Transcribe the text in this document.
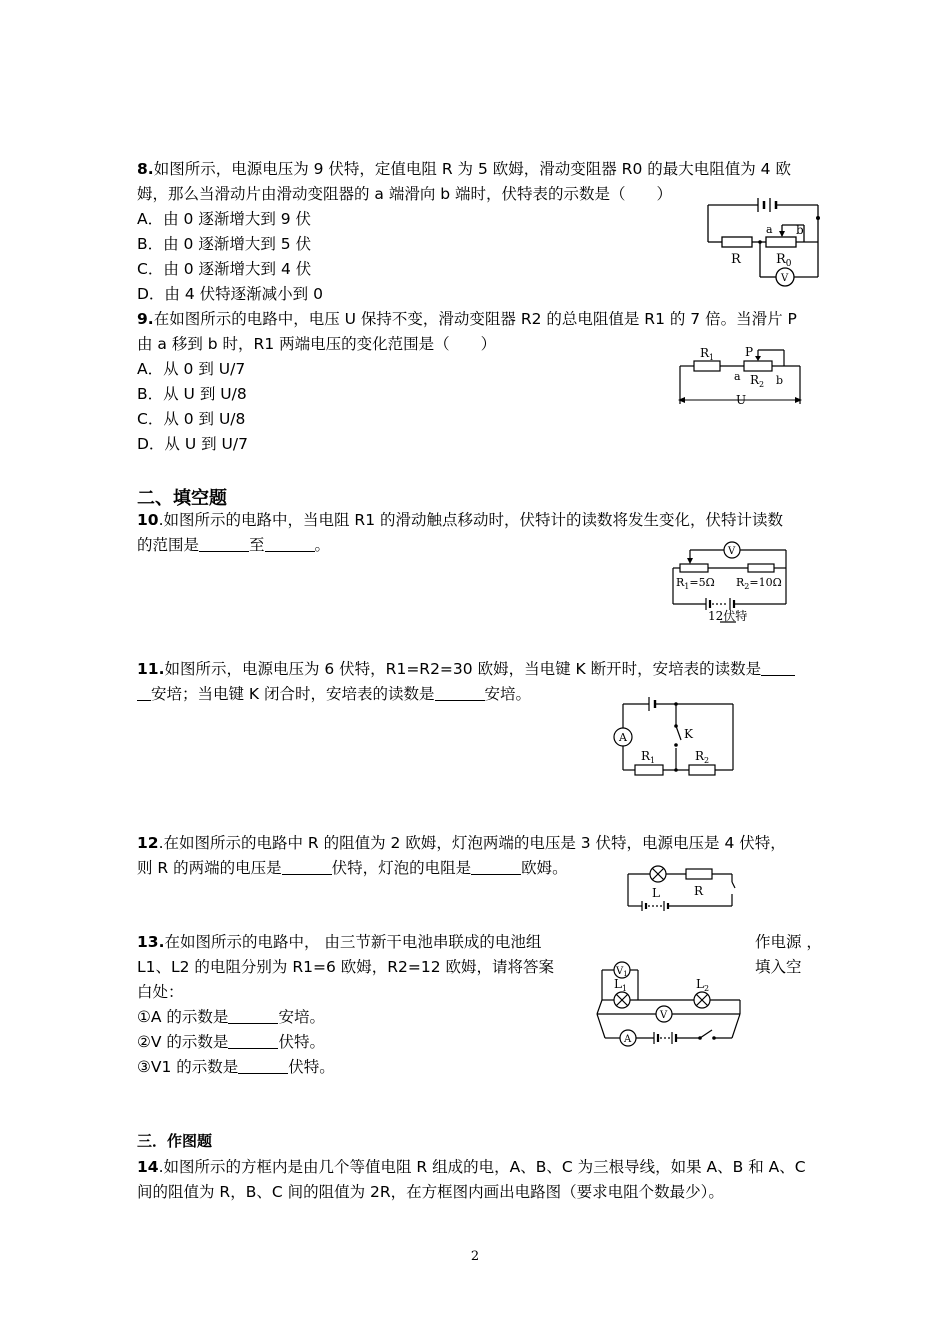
8.如图所示，电源电压为 9 伏特，定值电阻 R 为 5 欧姆，滑动变阻器 R0 的最大电阻值为 4 欧
姆，那么当滑动片由滑动变阻器的 a 端滑向 b 端时，伏特表的示数是（　　）
A．由 0 逐渐增大到 9 伏
B．由 0 逐渐增大到 5 伏
C．由 0 逐渐增大到 4 伏
D．由 4 伏特逐渐减小到 0
a b
R	$R_0$
V
9.在如图所示的电路中，电压 U 保持不变，滑动变阻器 R2 的总电阻值是 R1 的 7 倍。当滑片 P
由 a 移到 b 时，R1 两端电压的变化范围是（　　）
A．从 0 到 U/7
B．从 U 到 U/8
C．从 0 到 U/8
D．从 U 到 U/7
$R_1$	P
a $R_2$ b
U
二、填空题
10.如图所示的电路中，当电阻 R1 的滑动触点移动时，伏特计的读数将发生变化，伏特计读数
的范围是	至	。	V
$R_1=5\Omega$ $R_2=10\Omega$
12伏特
11.如图所示，电源电压为 6 伏特，R1=R2=30 欧姆，当电键 K 断开时，安培表的读数是
安培；当电键 K 闭合时，安培表的读数是	安培。
A	K
$R_1$	$R_2$
12.在如图所示的电路中 R 的阻值为 2 欧姆，灯泡两端的电压是 3 伏特，电源电压是 4 伏特，
则 R 的两端的电压是	伏特，灯泡的电阻是	欧姆。
L	R
13.在如图所示的电路中， 由三节新干电池串联成的电池组	作电源 ，
L1、L2 的电阻分别为 R1=6 欧姆，R2=12 欧姆，请将答案	填入空
白处：
①A 的示数是	安培。
②V 的示数是	伏特。
③V1 的示数是	伏特。
$V_1$
$L_1$	$L_2$
A
V
三．作图题
14.如图所示的方框内是由几个等值电阻 R 组成的电，A、B、C 为三根导线，如果 A、B 和 A、C
间的阻值为 R，B、C 间的阻值为 2R，在方框图内画出电路图（要求电阻个数最少）。
2
